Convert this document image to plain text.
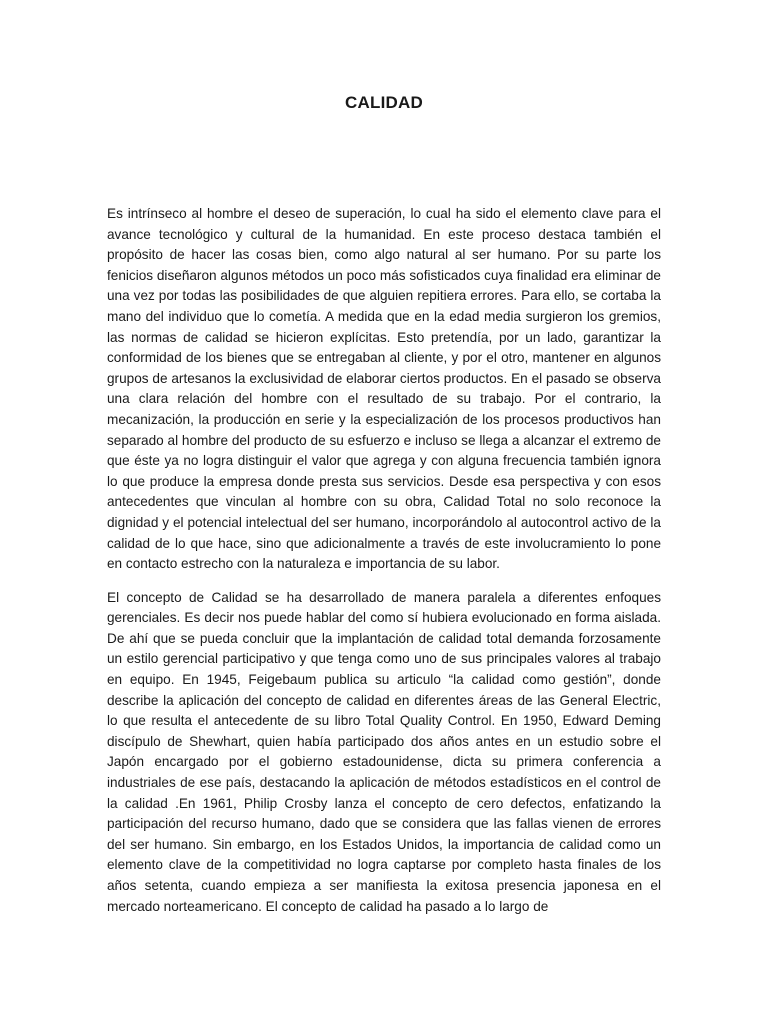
CALIDAD

Es intrínseco al hombre el deseo de superación, lo cual ha sido el elemento clave para el avance tecnológico y cultural de la humanidad. En este proceso destaca también el propósito de hacer las cosas bien, como algo natural al ser humano. Por su parte los fenicios diseñaron algunos métodos un poco más sofisticados cuya finalidad era eliminar de una vez por todas las posibilidades de que alguien repitiera errores. Para ello, se cortaba la mano del individuo que lo cometía. A medida que en la edad media surgieron los gremios, las normas de calidad se hicieron explícitas. Esto pretendía, por un lado, garantizar la conformidad de los bienes que se entregaban al cliente, y por el otro, mantener en algunos grupos de artesanos la exclusividad de elaborar ciertos productos. En el pasado se observa una clara relación del hombre con el resultado de su trabajo. Por el contrario, la mecanización, la producción en serie y la especialización de los procesos productivos han separado al hombre del producto de su esfuerzo e incluso se llega a alcanzar el extremo de que éste ya no logra distinguir el valor que agrega y con alguna frecuencia también ignora lo que produce la empresa donde presta sus servicios. Desde esa perspectiva y con esos antecedentes que vinculan al hombre con su obra, Calidad Total no solo reconoce la dignidad y el potencial intelectual del ser humano, incorporándolo al autocontrol activo de la calidad de lo que hace, sino que adicionalmente a través de este involucramiento lo pone en contacto estrecho con la naturaleza e importancia de su labor.

El concepto de Calidad se ha desarrollado de manera paralela a diferentes enfoques gerenciales. Es decir nos puede hablar del como sí hubiera evolucionado en forma aislada. De ahí que se pueda concluir que la implantación de calidad total demanda forzosamente un estilo gerencial participativo y que tenga como uno de sus principales valores al trabajo en equipo. En 1945, Feigebaum publica su articulo “la calidad como gestión”, donde describe la aplicación del concepto de calidad en diferentes áreas de las General Electric, lo que resulta el antecedente de su libro Total Quality Control. En 1950, Edward Deming discípulo de Shewhart, quien había participado dos años antes en un estudio sobre el Japón encargado por el gobierno estadounidense, dicta su primera conferencia a industriales de ese país, destacando la aplicación de métodos estadísticos en el control de la calidad .En 1961, Philip Crosby lanza el concepto de cero defectos, enfatizando la participación del recurso humano, dado que se considera que las fallas vienen de errores del ser humano. Sin embargo, en los Estados Unidos, la importancia de calidad como un elemento clave de la competitividad no logra captarse por completo hasta finales de los años setenta, cuando empieza a ser manifiesta la exitosa presencia japonesa en el mercado norteamericano. El concepto de calidad ha pasado a lo largo de
